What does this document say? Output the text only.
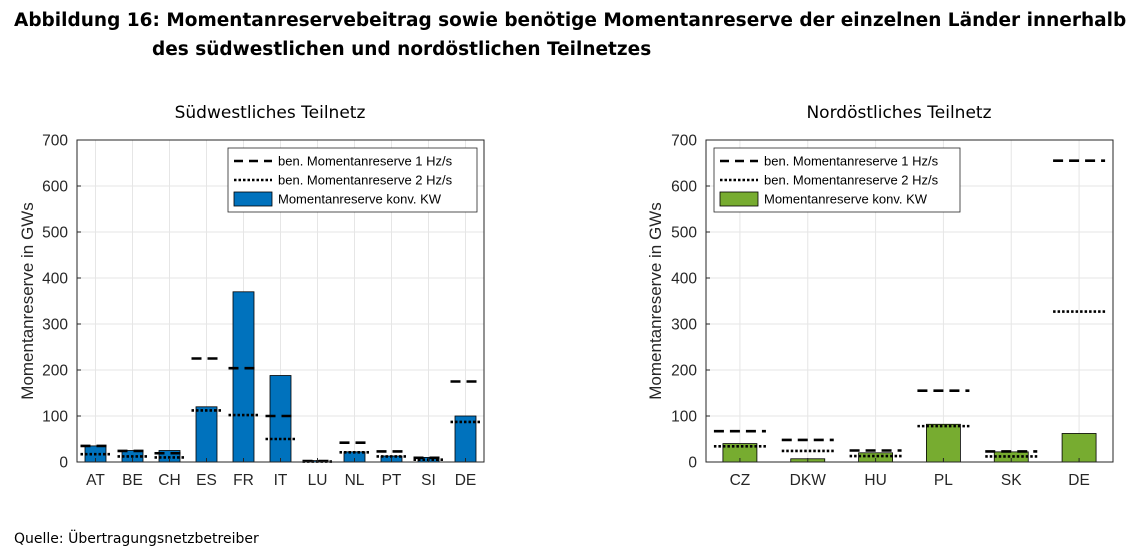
Abbildung 16: Momentanreservebeitrag sowie benötige Momentanreserve der einzelnen Länder innerhalb
des südwestlichen und nordöstlichen Teilnetzes
Südwestliches Teilnetz
0
100
200
300
400
500
600
700
AT BE CH ES FR IT LU NL PT SI DE
Momentanreserve in GWs
ben. Momentanreserve 1 Hz/s
ben. Momentanreserve 2 Hz/s
Momentanreserve konv. KW
Nordöstliches Teilnetz
0
100
200
300
400
500
600
700
CZ	DKW HU	PL	SK	DE
Momentanreserve in GWs
ben. Momentanreserve 1 Hz/s
ben. Momentanreserve 2 Hz/s
Momentanreserve konv. KW
Quelle: Übertragungsnetzbetreiber
